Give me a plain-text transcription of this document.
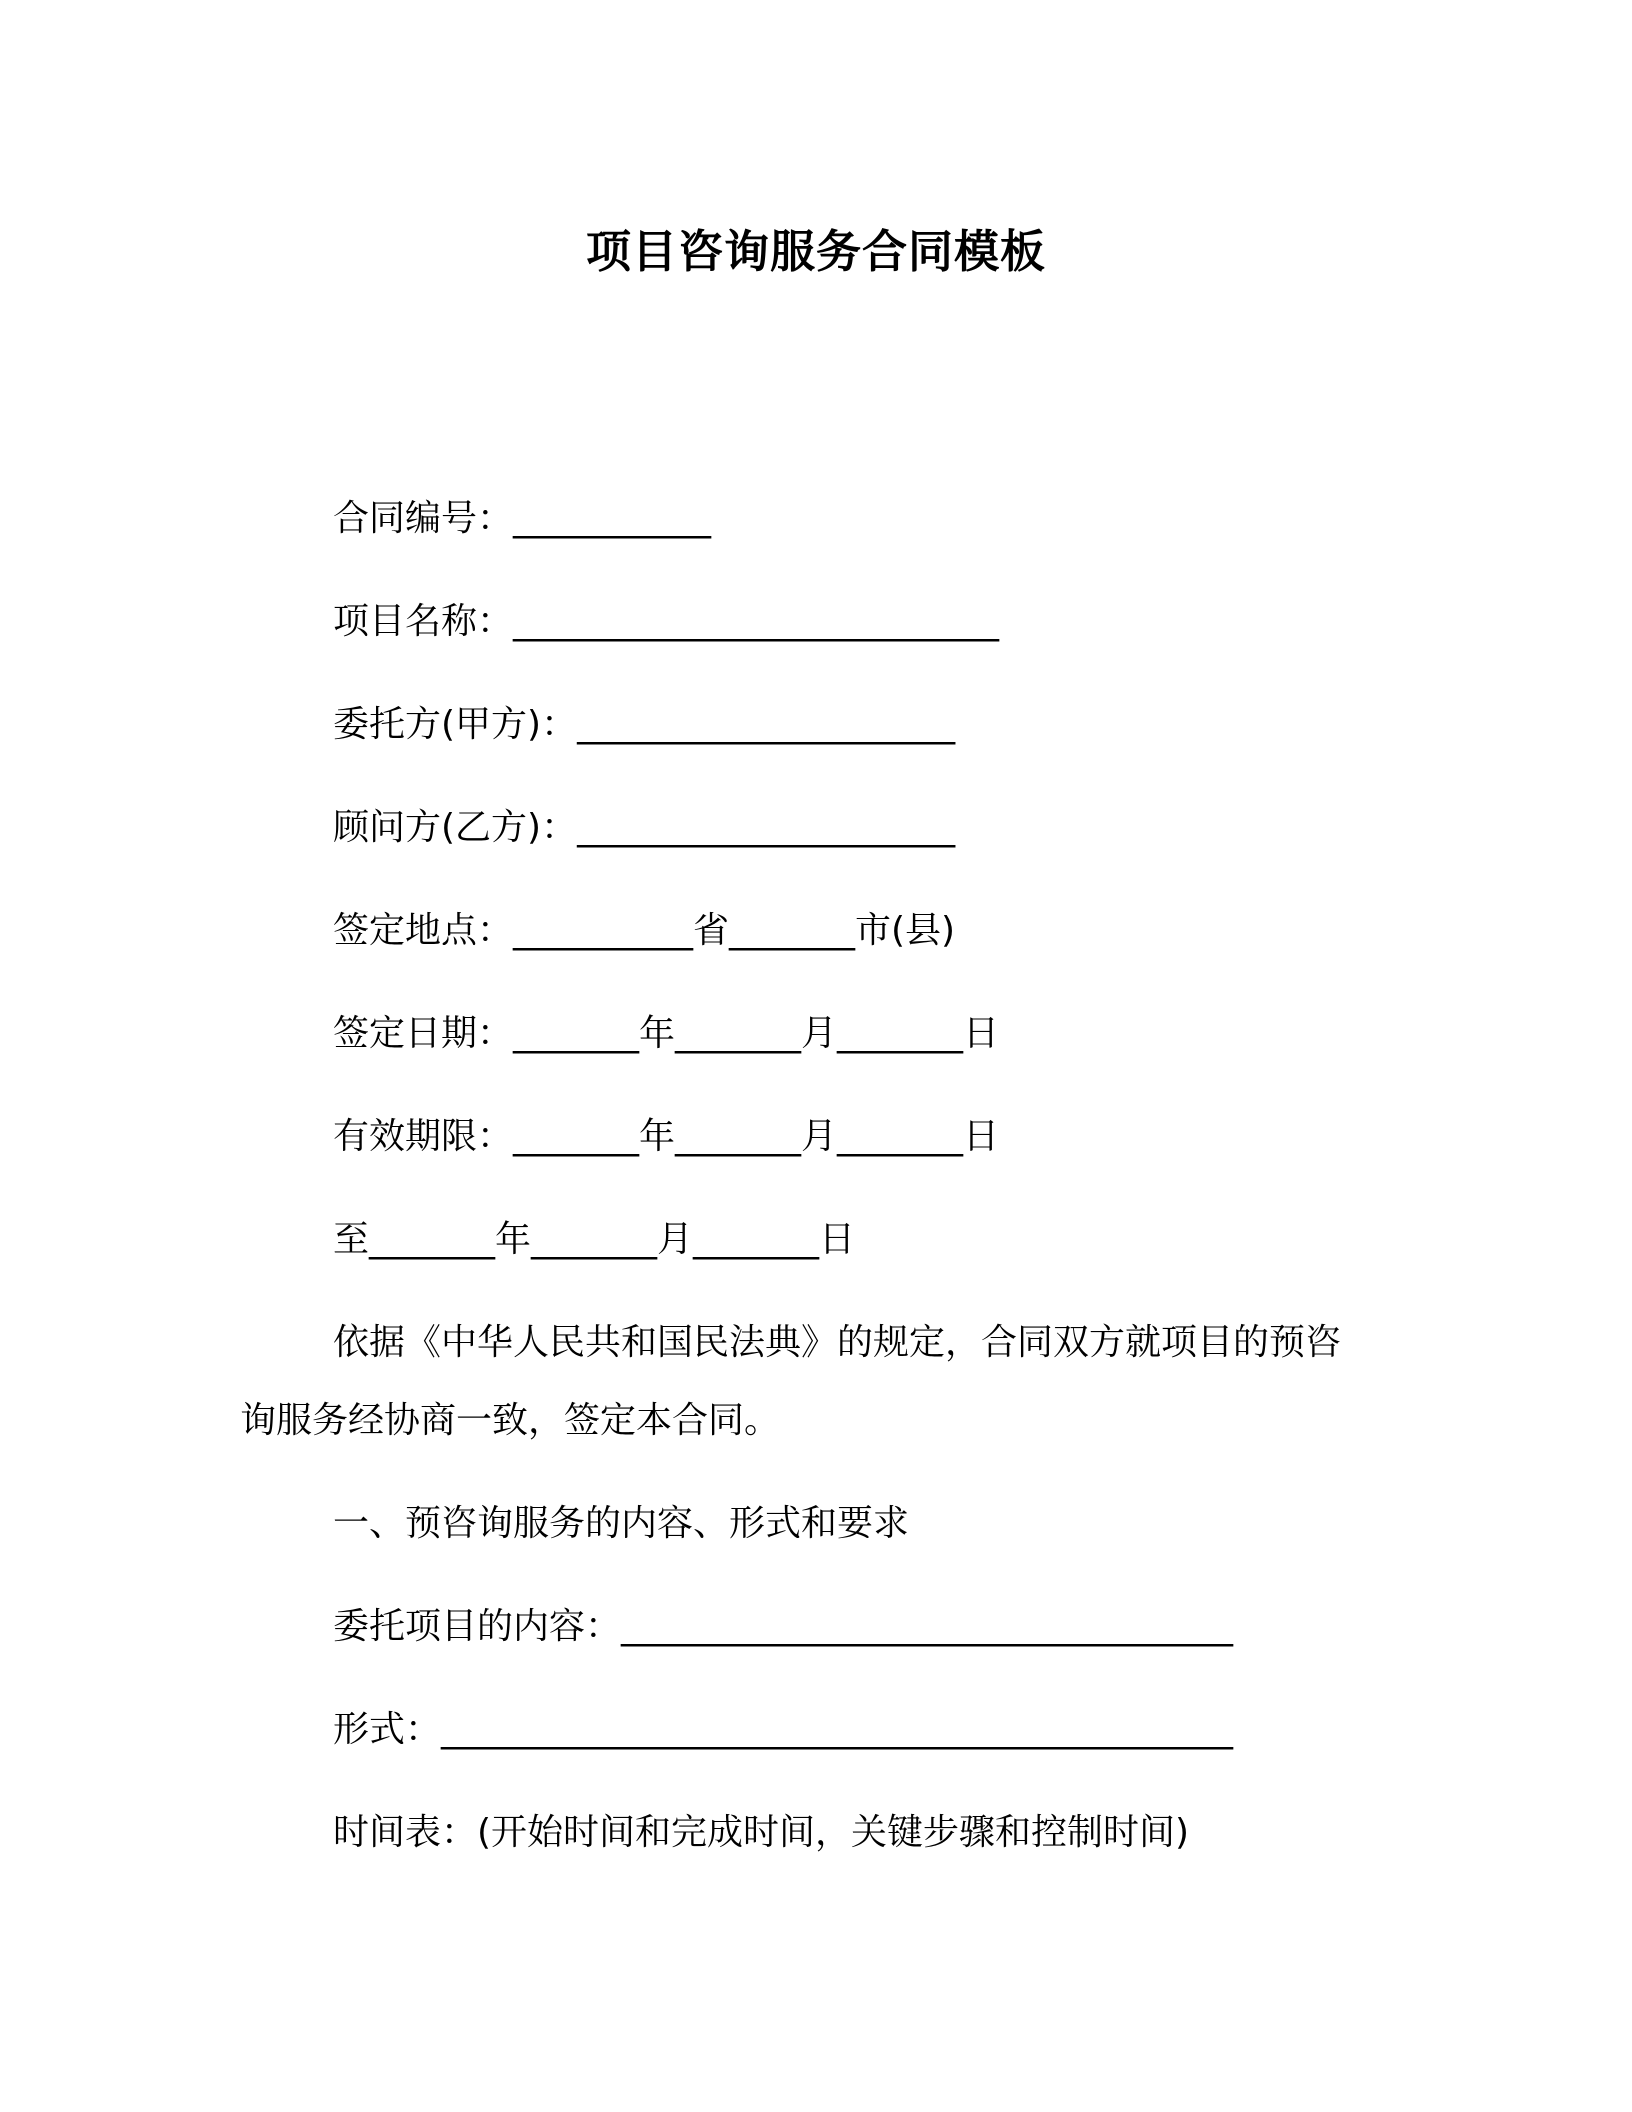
项目咨询服务合同模板
合同编号：___________
项目名称：___________________________
委托方(甲方)：_____________________
顾问方(乙方)：_____________________
签定地点：__________省_______市(县)
签定日期：_______年_______月_______日
有效期限：_______年_______月_______日
至_______年_______月_______日
依据《中华人民共和国民法典》的规定，合同双方就项目的预咨
询服务经协商一致，签定本合同。
一、预咨询服务的内容、形式和要求
委托项目的内容：__________________________________
形式：____________________________________________
时间表：(开始时间和完成时间，关键步骤和控制时间)
